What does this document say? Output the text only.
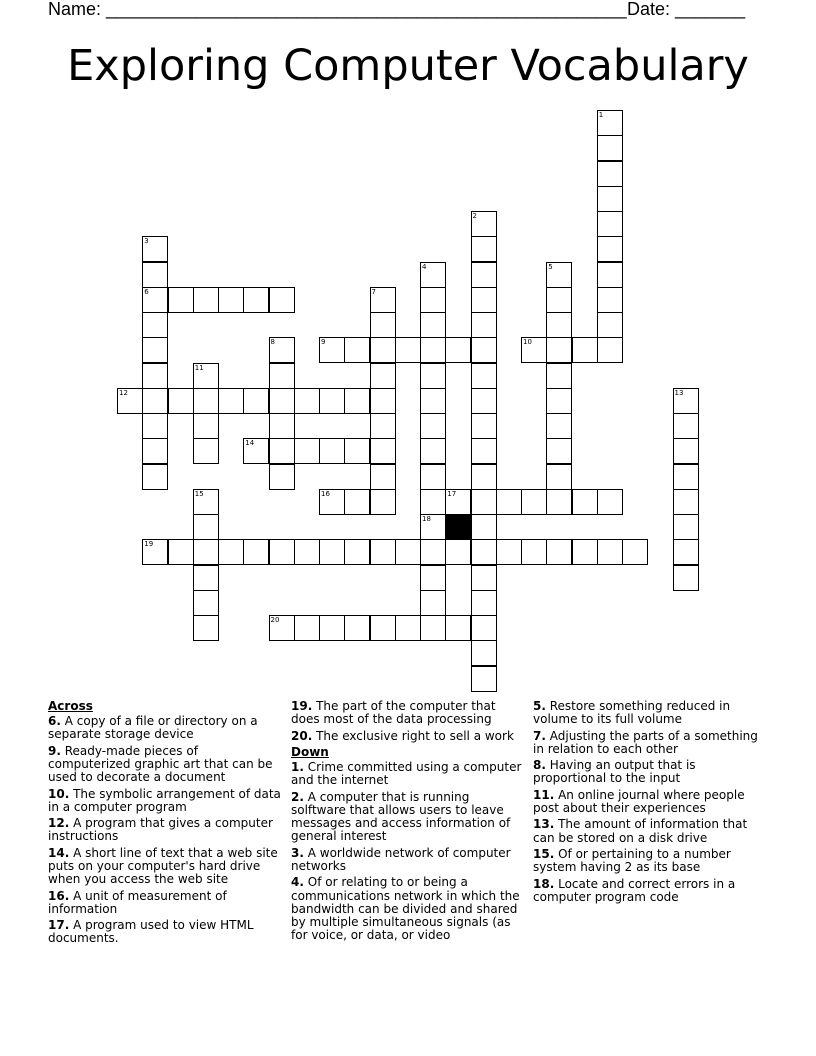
Name: ____________________________________________________ Date: _______
Exploring Computer Vocabulary
1
2
3
4	5
6	7
8	9	10
11
12	13
14
15	16	17
18
19
20
Across
6. A copy of a file or directory on a separate storage device
9. Ready-made pieces of computerized graphic art that can be used to decorate a document
10. The symbolic arrangement of data in a computer program
12. A program that gives a computer instructions
14. A short line of text that a web site puts on your computer's hard drive when you access the web site
16. A unit of measurement of information
17. A program used to view HTML documents.
19. The part of the computer that does most of the data processing
20. The exclusive right to sell a work
Down
1. Crime committed using a computer and the internet
2. A computer that is running solftware that allows users to leave messages and access information of general interest
3. A worldwide network of computer networks
4. Of or relating to or being a communications network in which the bandwidth can be divided and shared by multiple simultaneous signals (as for voice, or data, or video
5. Restore something reduced in volume to its full volume
7. Adjusting the parts of a something in relation to each other
8. Having an output that is proportional to the input
11. An online journal where people post about their experiences
13. The amount of information that can be stored on a disk drive
15. Of or pertaining to a number system having 2 as its base
18. Locate and correct errors in a computer program code
